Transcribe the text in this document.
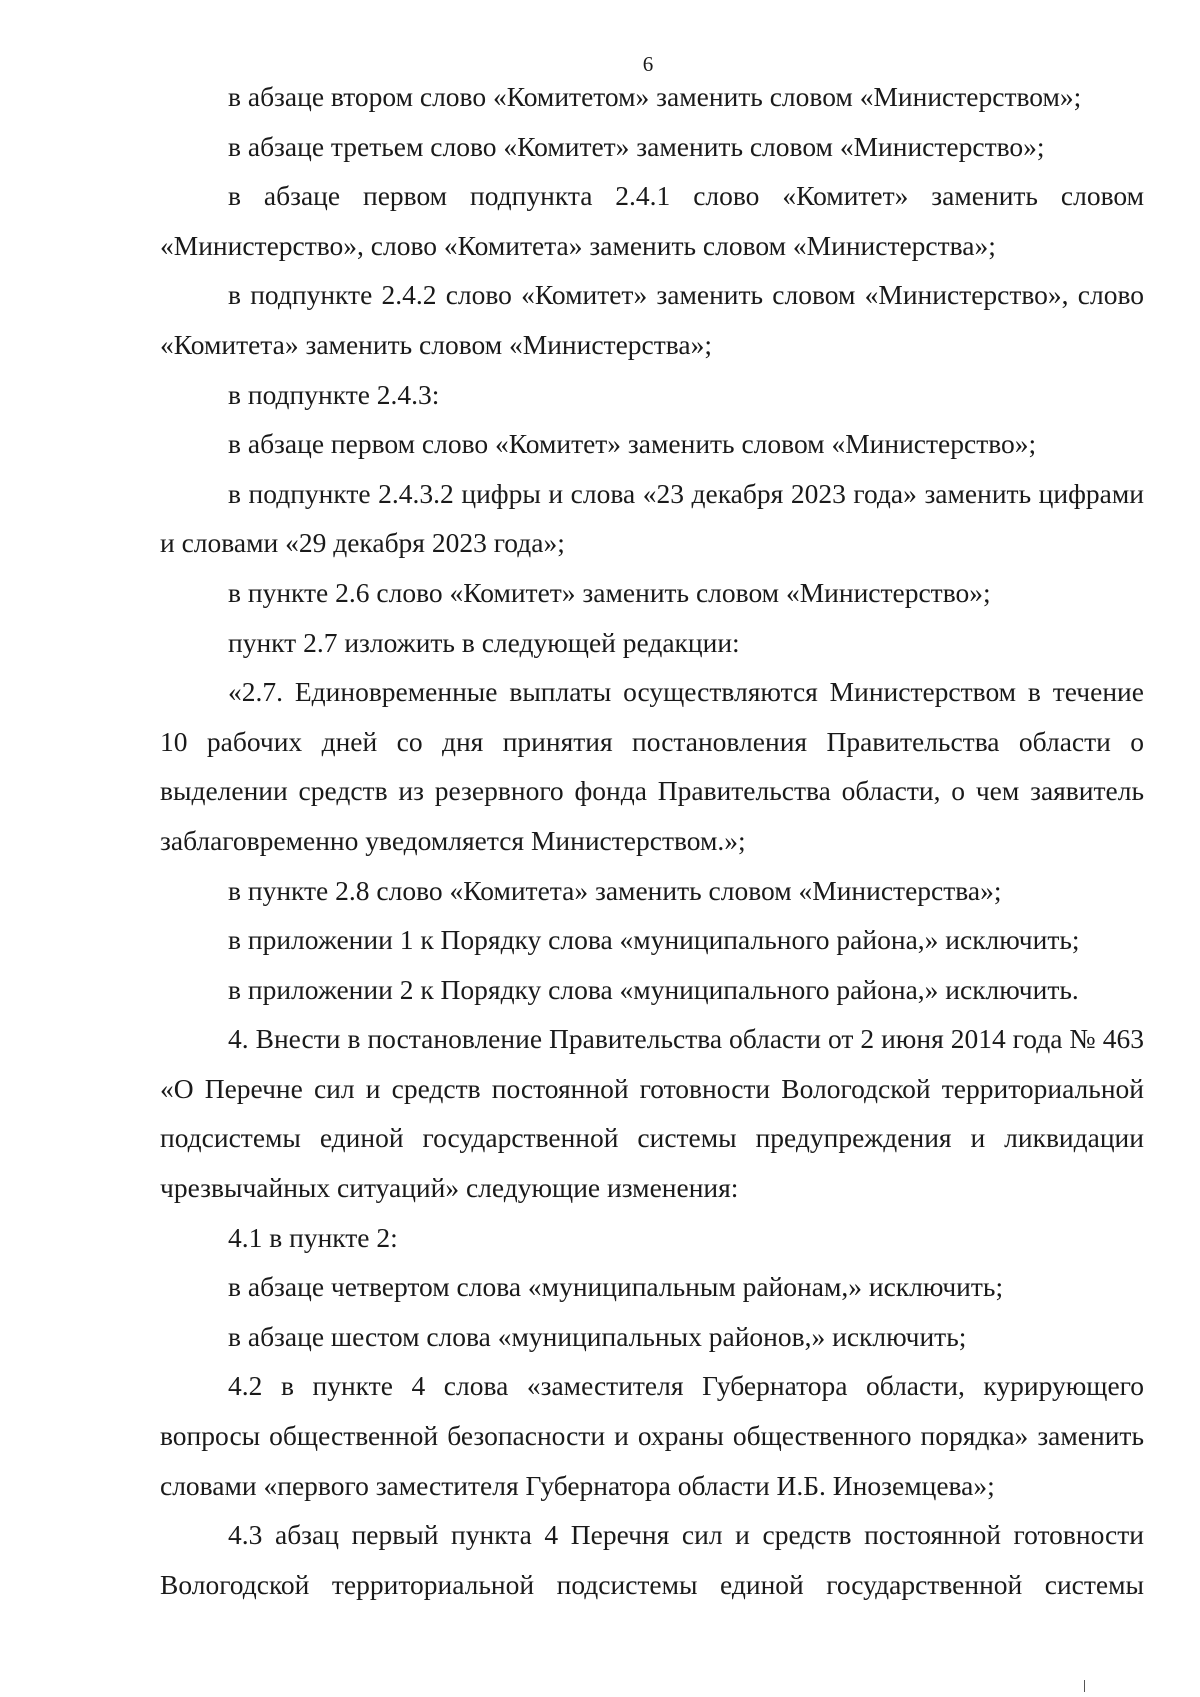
6

в абзаце втором слово «Комитетом» заменить словом «Министерством»;

в абзаце третьем слово «Комитет» заменить словом «Министерство»;

в абзаце первом подпункта 2.4.1 слово «Комитет» заменить словом «Министерство», слово «Комитета» заменить словом «Министерства»;

в подпункте 2.4.2 слово «Комитет» заменить словом «Министерство», слово «Комитета» заменить словом «Министерства»;

в подпункте 2.4.3:

в абзаце первом слово «Комитет» заменить словом «Министерство»;

в подпункте 2.4.3.2 цифры и слова «23 декабря 2023 года» заменить цифрами и словами «29 декабря 2023 года»;

в пункте 2.6 слово «Комитет» заменить словом «Министерство»;

пункт 2.7 изложить в следующей редакции:

«2.7. Единовременные выплаты осуществляются Министерством в течение 10 рабочих дней со дня принятия постановления Правительства области о выделении средств из резервного фонда Правительства области, о чем заявитель заблаговременно уведомляется Министерством.»;

в пункте 2.8 слово «Комитета» заменить словом «Министерства»;

в приложении 1 к Порядку слова «муниципального района,» исключить;

в приложении 2 к Порядку слова «муниципального района,» исключить.

4. Внести в постановление Правительства области от 2 июня 2014 года № 463 «О Перечне сил и средств постоянной готовности Вологодской территориальной подсистемы единой государственной системы предупреждения и ликвидации чрезвычайных ситуаций» следующие изменения:

4.1 в пункте 2:

в абзаце четвертом слова «муниципальным районам,» исключить;

в абзаце шестом слова «муниципальных районов,» исключить;

4.2 в пункте 4 слова «заместителя Губернатора области, курирующего вопросы общественной безопасности и охраны общественного порядка» заменить словами «первого заместителя Губернатора области И.Б. Иноземцева»;

4.3 абзац первый пункта 4 Перечня сил и средств постоянной готовности Вологодской территориальной подсистемы единой государственной системы
